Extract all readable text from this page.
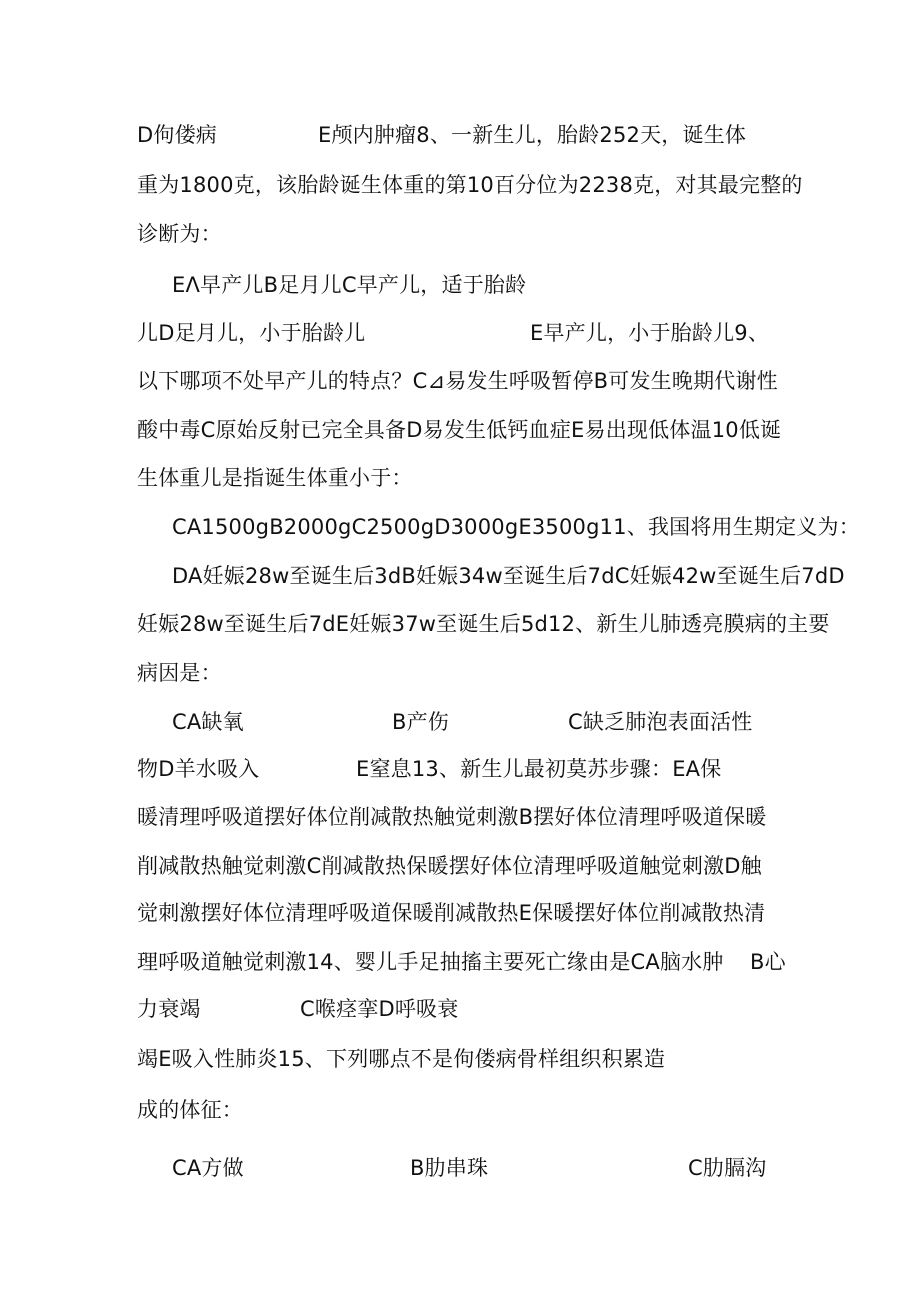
D佝偻病	E颅内肿瘤8、一新生儿，胎龄252天，诞生体
重为1800克，该胎龄诞生体重的第10百分位为2238克，对其最完整的
诊断为：
EΛ早产儿B足月儿C早产儿，适于胎龄
儿D足月儿，小于胎龄儿	E早产儿，小于胎龄儿9、
以下哪项不处早产儿的特点？C⊿易发生呼吸暂停B可发生晚期代谢性
酸中毒C原始反射已完全具备D易发生低钙血症E易出现低体温10低诞
生体重儿是指诞生体重小于：
CA1500gB2000gC2500gD3000gE3500g11、我国将用生期定义为：
DA妊娠28w至诞生后3dB妊娠34w至诞生后7dC妊娠42w至诞生后7dD
妊娠28w至诞生后7dE妊娠37w至诞生后5d12、新生儿肺透亮膜病的主要
病因是：
CA缺氧	B产伤	C缺乏肺泡表面活性
物D羊水吸入	E窒息13、新生儿最初莫苏步骤：EA保
暖清理呼吸道摆好体位削减散热触觉刺激B摆好体位清理呼吸道保暖
削减散热触觉刺激C削减散热保暖摆好体位清理呼吸道触觉刺激D触
觉刺激摆好体位清理呼吸道保暖削减散热E保暖摆好体位削减散热清
理呼吸道触觉刺激14、婴儿手足抽搐主要死亡缘由是CA脑水肿 B心
力衰竭	C喉痉挛D呼吸衰
竭E吸入性肺炎15、下列哪点不是佝偻病骨样组织积累造
成的体征：
CA方做	B肋串珠	C肋膈沟
